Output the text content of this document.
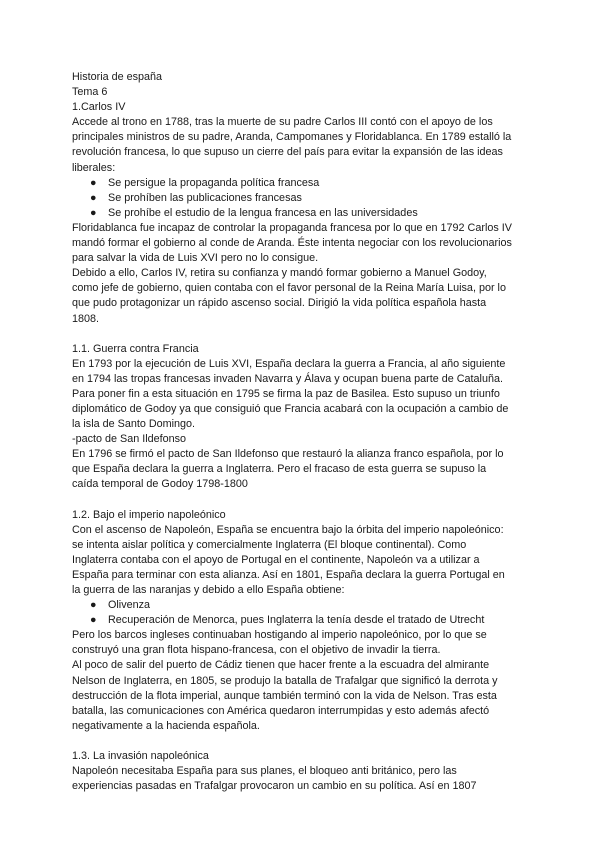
Historia de españa
Tema 6
1.Carlos IV
Accede al trono en 1788, tras la muerte de su padre Carlos III contó con el apoyo de los
principales ministros de su padre, Aranda, Campomanes y Floridablanca. En 1789 estalló la
revolución francesa, lo que supuso un cierre del país para evitar la expansión de las ideas
liberales:
● Se persigue la propaganda política francesa
● Se prohíben las publicaciones francesas
● Se prohíbe el estudio de la lengua francesa en las universidades
Floridablanca fue incapaz de controlar la propaganda francesa por lo que en 1792 Carlos IV
mandó formar el gobierno al conde de Aranda. Éste intenta negociar con los revolucionarios
para salvar la vida de Luis XVI pero no lo consigue.
Debido a ello, Carlos IV, retira su confianza y mandó formar gobierno a Manuel Godoy,
como jefe de gobierno, quien contaba con el favor personal de la Reina María Luisa, por lo
que pudo protagonizar un rápido ascenso social. Dirigió la vida política española hasta
1808.
1.1. Guerra contra Francia
En 1793 por la ejecución de Luis XVI, España declara la guerra a Francia, al año siguiente
en 1794 las tropas francesas invaden Navarra y Álava y ocupan buena parte de Cataluña.
Para poner fin a esta situación en 1795 se firma la paz de Basilea. Esto supuso un triunfo
diplomático de Godoy ya que consiguió que Francia acabará con la ocupación a cambio de
la isla de Santo Domingo.
-pacto de San Ildefonso
En 1796 se firmó el pacto de San Ildefonso que restauró la alianza franco española, por lo
que España declara la guerra a Inglaterra. Pero el fracaso de esta guerra se supuso la
caída temporal de Godoy 1798-1800
1.2. Bajo el imperio napoleónico
Con el ascenso de Napoleón, España se encuentra bajo la órbita del imperio napoleónico:
se intenta aislar política y comercialmente Inglaterra (El bloque continental). Como
Inglaterra contaba con el apoyo de Portugal en el continente, Napoleón va a utilizar a
España para terminar con esta alianza. Así en 1801, España declara la guerra Portugal en
la guerra de las naranjas y debido a ello España obtiene:
● Olivenza
● Recuperación de Menorca, pues Inglaterra la tenía desde el tratado de Utrecht
Pero los barcos ingleses continuaban hostigando al imperio napoleónico, por lo que se
construyó una gran flota hispano-francesa, con el objetivo de invadir la tierra.
Al poco de salir del puerto de Cádiz tienen que hacer frente a la escuadra del almirante
Nelson de Inglaterra, en 1805, se produjo la batalla de Trafalgar que significó la derrota y
destrucción de la flota imperial, aunque también terminó con la vida de Nelson. Tras esta
batalla, las comunicaciones con América quedaron interrumpidas y esto además afectó
negativamente a la hacienda española.
1.3. La invasión napoleónica
Napoleón necesitaba España para sus planes, el bloqueo anti británico, pero las
experiencias pasadas en Trafalgar provocaron un cambio en su política. Así en 1807
